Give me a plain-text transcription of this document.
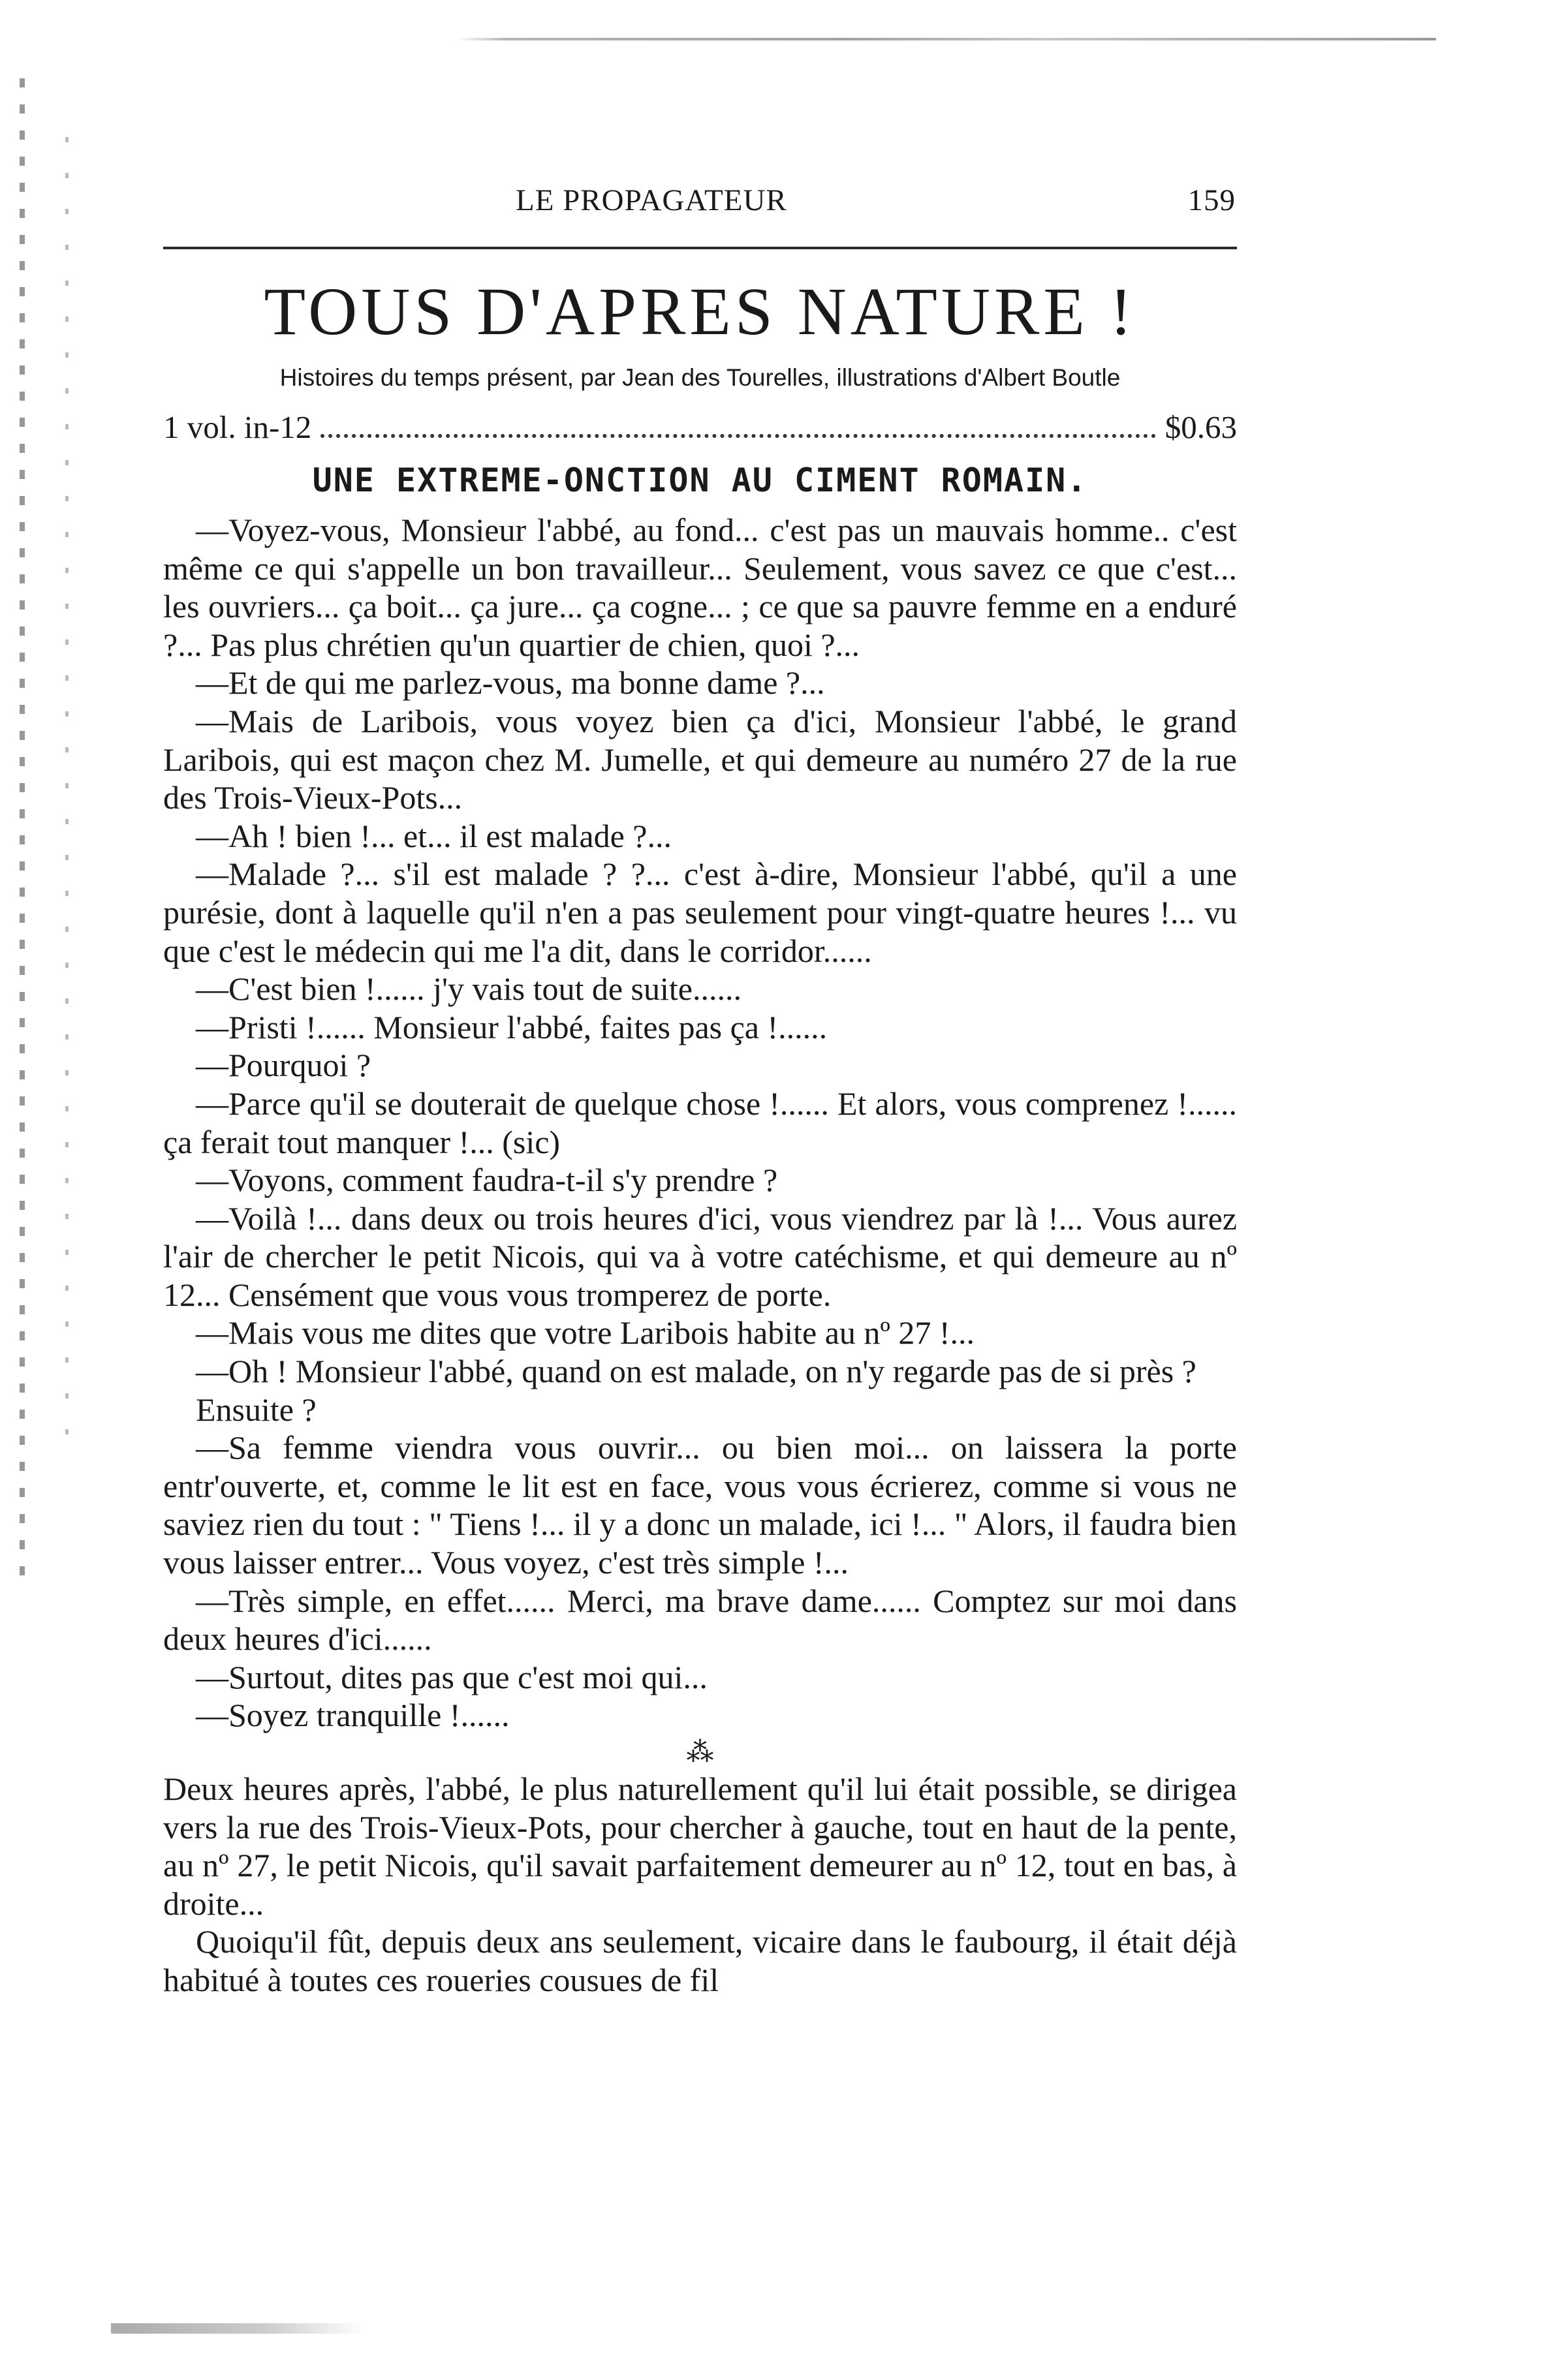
LE PROPAGATEUR	159
TOUS D'APRES NATURE !
Histoires du temps présent, par Jean des Tourelles, illustrations d'Albert Boutle
1 vol. in-12	$0.63
UNE EXTREME-ONCTION AU CIMENT ROMAIN.

—Voyez-vous, Monsieur l'abbé, au fond... c'est pas un mauvais homme.. c'est même ce qui s'appelle un bon travailleur... Seulement, vous savez ce que c'est... les ouvriers... ça boit... ça jure... ça cogne... ; ce que sa pauvre femme en a enduré ?... Pas plus chrétien qu'un quartier de chien, quoi ?...

—Et de qui me parlez-vous, ma bonne dame ?...

—Mais de Laribois, vous voyez bien ça d'ici, Monsieur l'abbé, le grand Laribois, qui est maçon chez M. Jumelle, et qui demeure au numéro 27 de la rue des Trois-Vieux-Pots...

—Ah ! bien !... et... il est malade ?...

—Malade ?... s'il est malade ? ?... c'est à-dire, Monsieur l'abbé, qu'il a une purésie, dont à laquelle qu'il n'en a pas seulement pour vingt-quatre heures !... vu que c'est le médecin qui me l'a dit, dans le corridor......

—C'est bien !...... j'y vais tout de suite......

—Pristi !...... Monsieur l'abbé, faites pas ça !......

—Pourquoi ?

—Parce qu'il se douterait de quelque chose !...... Et alors, vous comprenez !...... ça ferait tout manquer !... (sic)

—Voyons, comment faudra-t-il s'y prendre ?

—Voilà !... dans deux ou trois heures d'ici, vous viendrez par là !... Vous aurez l'air de chercher le petit Nicois, qui va à votre catéchisme, et qui demeure au nº 12... Censément que vous vous tromperez de porte.

—Mais vous me dites que votre Laribois habite au nº 27 !...

—Oh ! Monsieur l'abbé, quand on est malade, on n'y regarde pas de si près ?

Ensuite ?

—Sa femme viendra vous ouvrir... ou bien moi... on laissera la porte entr'ouverte, et, comme le lit est en face, vous vous écrierez, comme si vous ne saviez rien du tout : " Tiens !... il y a donc un malade, ici !... " Alors, il faudra bien vous laisser entrer... Vous voyez, c'est très simple !...

—Très simple, en effet...... Merci, ma brave dame...... Comptez sur moi dans deux heures d'ici......

—Surtout, dites pas que c'est moi qui...

—Soyez tranquille !......

⁂

Deux heures après, l'abbé, le plus naturellement qu'il lui était possible, se dirigea vers la rue des Trois-Vieux-Pots, pour chercher à gauche, tout en haut de la pente, au nº 27, le petit Nicois, qu'il savait parfaitement demeurer au nº 12, tout en bas, à droite...

Quoiqu'il fût, depuis deux ans seulement, vicaire dans le faubourg, il était déjà habitué à toutes ces roueries cousues de fil
